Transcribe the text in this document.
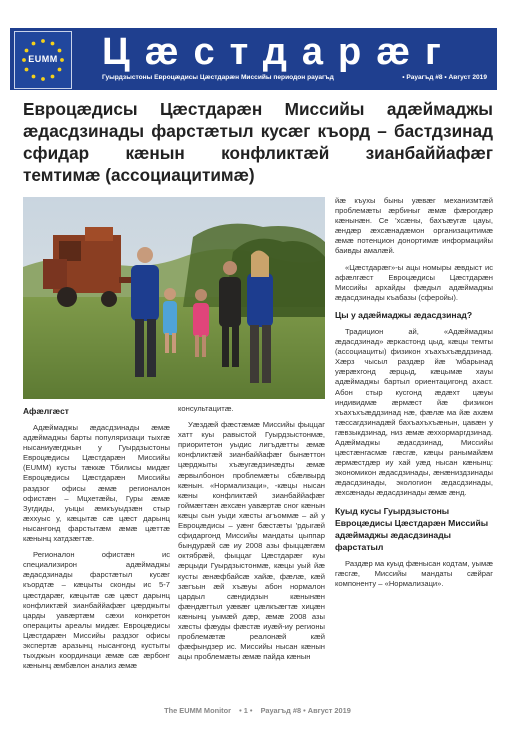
EUMM	Цæстдарæг
Гуырдзыстоны Евроцæдисы Цæстдарæн Миссийы периодон рауагъд	• Рауагъд #8 • Август 2019
Евроцæдисы Цæстдарæн Миссийы адæймаджы
æдасдзинады фарстæтыл кусæг къорд – бастдзинад
сфидар кæнын конфликтæй зианбаййафæг
темтимæ (ассоциацитимæ)
Афæлгæст

Адæймаджы æдасдзинады æмæ адæймаджы барты популяризаци тыхгæ нысаниуæгджын у Гуырдзыстоны Евроцæдисы Цæстдарæн Миссийы (EUMM) кусты тæккæ Тбилисы мидæг Евроцæдисы Цæстдарæн Миссийы раздзог офисы æмæ регионалон офистæн – Мцхетæйы, Гуры æмæ Зугдиды, уыцы æмкъуыдзæн стыр æххуыс у, кæцытæ сæ цæст дарынц нысангонд фарстытæм æмæ цæттæ кæнынц хатдзæгтæ.

Регионалон офистæн ис специализирон адæймаджы æдасдзинады фарстæтыл кусæг къордтæ – кæцыты сконды ис 5-7 цæстдарæг, кæцытæ сæ цæст дарынц конфликтæй зианбаййафæг цæрджыты царды уавæртæм сæхи конкретон операциты ареалы мидæг. Евроцæдисы Цæстдарæн Миссийы раздзог офисы экспертæ аразынц нысангонд кустыты тыхджын координаци æмæ сæ æрбонг кæнынц æмбæлон анализ æмæ

консультацитæ.

Уæздæй фæстæмæ Миссийы фыццаг хатт куы равыстой Гуырдзыстонмæ, приоритетон уыдис лигъдæтты æмæ конфликтæй зианбаййафæг бынæттон цæрджыты хъæугæдзинæдты æмæ æрвылбонон проблемæты сбæлвырд кæнын. «Нормализаци», -кæцы нысан кæны конфликтæй зианбаййафæг гоймæгтæн æхсæн уавæртæ сног кæнын кæцы сын уыди хæсты агъоммæ – ай у Евроцæдисы – уæнг бæстæты 'рдыгæй сфидаргонд Миссийы мандаты цыппар бындурæй сæ иу 2008 азы фыццæгæм октябрæй, фыццаг Цæстдарæг куы æрцыди Гуырдзыстонмæ, кæцы уый йæ кусты æнæфбайсæ хайæ, фæлæ, кæй зæгъын æй хъæуы абон нормалон цардыл сæндидзын кæнынæн фæндæгтыл уæвæг цæлкъæгтæ хицæн кæнынц уымæй дæр, æмæ 2008 азы хæсты фæуды фæстæ иуæй-иу регионы проблемæтæ реалонæй кæй фæфындзер ис. Миссийы нысан кæнын ацы проблемæты æмæ пайда кæнын

йæ къухы быны уæвæг механизмтæй проблемæты æрбиныг æмæ фæрогдæр кæнынæн. Се 'хсæны, бахъæугæ цауы, æндæр æхсæнадæмон организацитимæ æмæ потенцион донортимæ информацийы баивды амалæй.

«Цæстдарæг»-ы ацы номыры æвдыст ис афæлгæст Евроцæдисы Цæстдарæн Миссийы архайды фæдыл адæймаджы æдасдзинады къабазы (сферойы).

Цы у адæймаджы æдасдзинад?

Традицион ай, «Адæймаджы æдасдзинад» æркастонд цыд, кæцы темты (ассоциациты) физикон хъахъхъæддзинад. Хæрз чысыл раздæр йæ 'мбарынад уæрæхгонд æрцыд, кæцымæ хауы адæймаджы бартыл ориентацигонд ахаст. Абон стыр кусгонд æдæхт цæуы индивидмæ æрмæст йæ физикон хъахъхъæддзинад нæ, фæлæ ма йæ ахæм тæссагдзинадæй бахъахъхъæнын, цавæн у гæвзыкдзинад, низ æмæ æххормаргдзинад. Адæймаджы æдасдзинад, Миссийы цæстæнгасмæ гæсгæ, кæцы ранымайæм æрмæстдæр иу хай уæд нысан кæнынц: экономикон æдасдзинады, æнæниздзинады æдасдзинады, экологион æдасдзинады, æхсæнады æдасдзинады æмæ æнд.

Куыд кусы Гуырдзыстоны Евроцæдисы Цæстдарæн Миссийы адæймаджы æдасдзинады фарстатыл

Раздæр ма куыд фæнысан кодтам, уымæ гæсгæ, Миссийы мандаты сæйраг компоненту – «Нормализаци».

The EUMM Monitor • 1 • Рауагъд #8 • Август 2019
